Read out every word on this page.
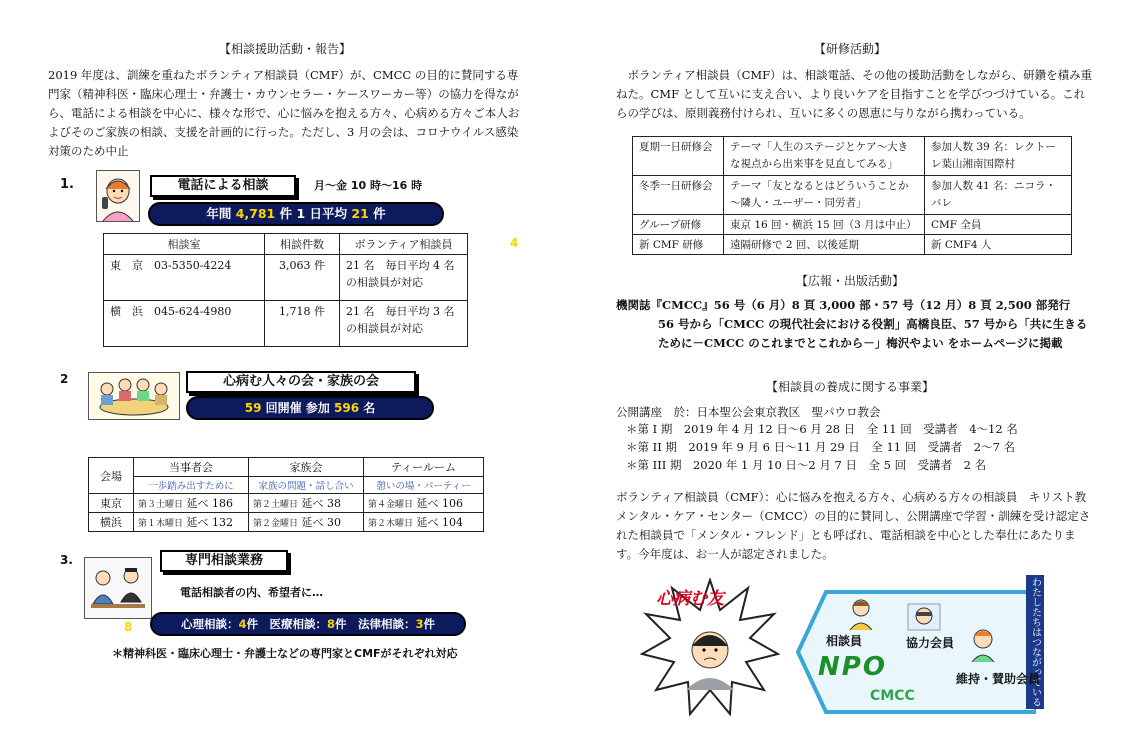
【相談援助活動・報告】
2019 年度は、訓練を重ねたボランティア相談員（CMF）が、CMCC の目的に賛同する専門家（精神科医・臨床心理士・弁護士・カウンセラー・ケースワーカー等）の協力を得ながら、電話による相談を中心に、様々な形で、心に悩みを抱える方々、心病める方々ご本人およびそのご家族の相談、支援を計画的に行った。ただし、3 月の会は、コロナウイルス感染対策のため中止
1.	電話による相談	月～金 10 時～16 時
年間 4,781 件 1 日平均 21 件
4
相談室	相談件数	ボランティア相談員
東　京　03-5350-4224	3,063 件	21 名　毎日平均 4 名の相談員が対応
横　浜　045-624-4980	1,718 件	21 名　毎日平均 3 名の相談員が対応
2	心病む人々の会・家族の会
59 回開催 参加 596 名
会場	当事者会	家族会	ティールーム
	一歩踏み出すために	家族の問題・話し合い	憩いの場・パーティー
東京	第３土曜日 延べ 186	第２土曜日 延べ 38	第４金曜日 延べ 106
横浜	第１木曜日 延べ 132	第２金曜日 延べ 30	第２木曜日 延べ 104
3.	専門相談業務
電話相談者の内、希望者に…
8	心理相談：4件　医療相談：8件　法律相談：3件
＊精神科医・臨床心理士・弁護士などの専門家とCMFがそれぞれ対応
【研修活動】
ボランティア相談員（CMF）は、相談電話、その他の援助活動をしながら、研鑽を積み重ねた。CMF として互いに支え合い、より良いケアを目指すことを学びつづけている。これらの学びは、原則義務付けられ、互いに多くの恩恵に与りながら携わっている。
夏期一日研修会	テーマ「人生のステージとケア～大きな視点から出来事を見直してみる」	参加人数 39 名：レクトーレ葉山湘南国際村
冬季一日研修会	テーマ「友となるとはどういうことか～隣人・ユーザー・同労者」	参加人数 41 名：ニコラ・バレ
グループ研修	東京 16 回・横浜 15 回（3 月は中止）	CMF 全員
新 CMF 研修	遠隔研修で 2 回、以後延期	新 CMF4 人
【広報・出版活動】
機関誌『CMCC』56 号（6 月）8 頁 3,000 部・57 号（12 月）8 頁 2,500 部発行
56 号から「CMCC の現代社会における役割」高橋良臣、57 号から「共に生きる
ために－CMCC のこれまでとこれから－」梅沢やよい をホームページに掲載
【相談員の養成に関する事業】
公開講座　於：日本聖公会東京教区　聖パウロ教会
＊第 I 期　2019 年 4 月 12 日～6 月 28 日　全 11 回　受講者　4～12 名
＊第 II 期　2019 年 9 月 6 日～11 月 29 日　全 11 回　受講者　2～7 名
＊第 III 期　2020 年 1 月 10 日～2 月 7 日　全 5 回　受講者　2 名
ボランティア相談員（CMF）：心に悩みを抱える方々、心病める方々の相談員　キリスト教メンタル・ケア・センター（CMCC）の目的に賛同し、公開講座で学習・訓練を受け認定された相談員で「メンタル・フレンド」とも呼ばれ、電話相談を中心とした奉仕にあたります。今年度は、お一人が認定されました。
心病む友	わたしたちはつながっている
相談員	協力会員
維持・賛助会員
NPO
CMCC
